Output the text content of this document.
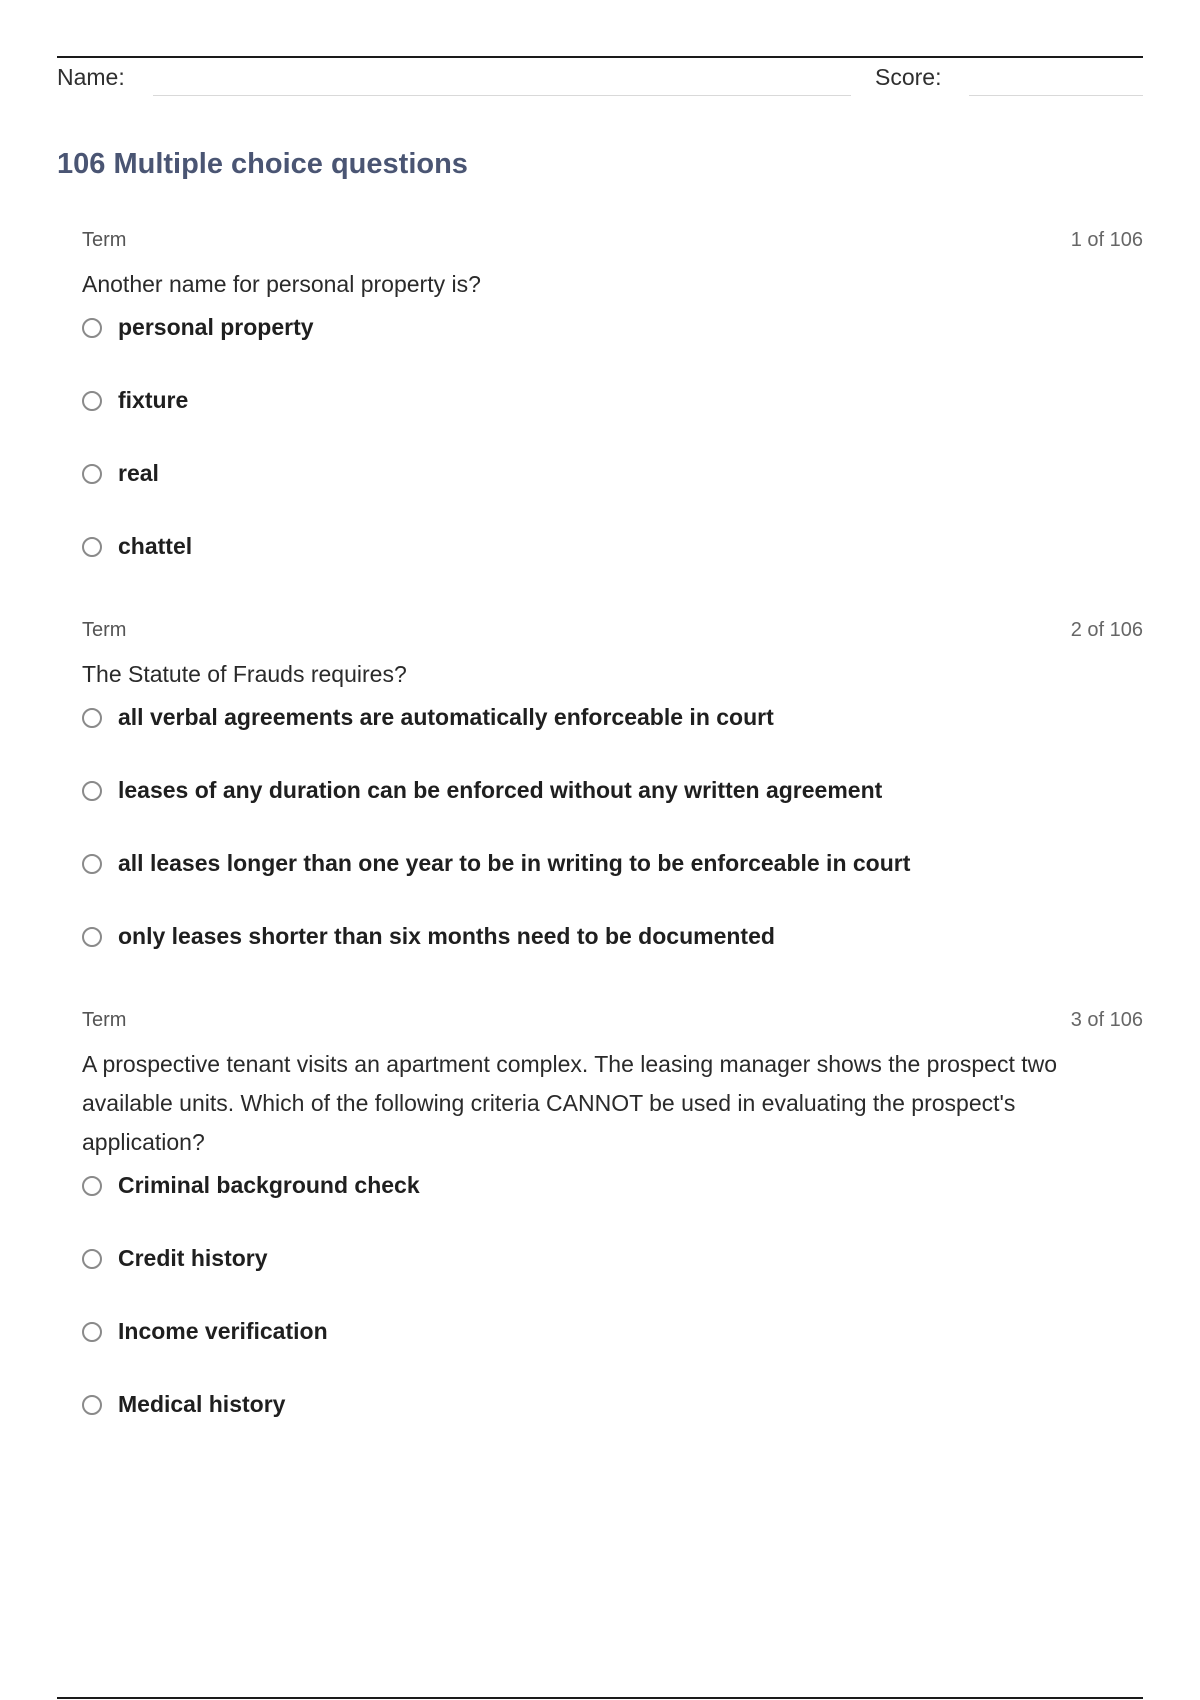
Name:	Score:
106 Multiple choice questions
Term	1 of 106

Another name for personal property is?

personal property
fixture
real
chattel
Term	2 of 106

The Statute of Frauds requires?

all verbal agreements are automatically enforceable in court
leases of any duration can be enforced without any written agreement
all leases longer than one year to be in writing to be enforceable in court
only leases shorter than six months need to be documented
Term	3 of 106

A prospective tenant visits an apartment complex. The leasing manager shows the prospect two available units. Which of the following criteria CANNOT be used in evaluating the prospect's application?

Criminal background check
Credit history
Income verification
Medical history
